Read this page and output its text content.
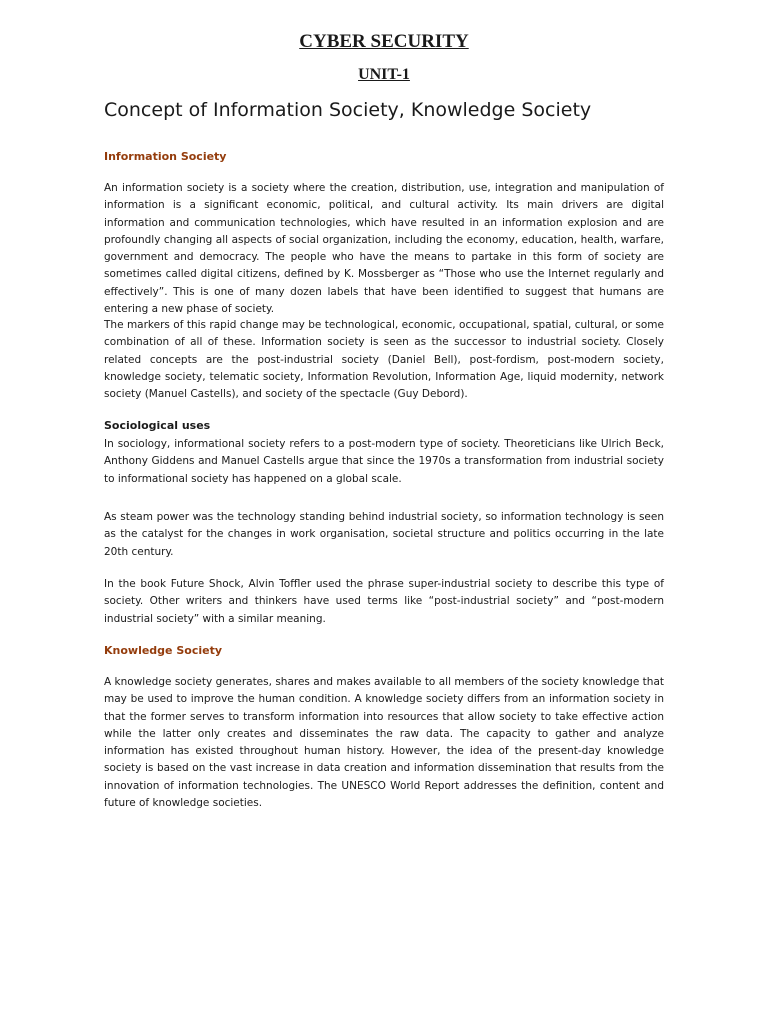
CYBER SECURITY
UNIT-1
Concept of Information Society, Knowledge Society
Information Society

An information society is a society where the creation, distribution, use, integration and manipulation of information is a significant economic, political, and cultural activity. Its main drivers are digital information and communication technologies, which have resulted in an information explosion and are profoundly changing all aspects of social organization, including the economy, education, health, warfare, government and democracy. The people who have the means to partake in this form of society are sometimes called digital citizens, defined by K. Mossberger as “Those who use the Internet regularly and effectively”. This is one of many dozen labels that have been identified to suggest that humans are entering a new phase of society.

The markers of this rapid change may be technological, economic, occupational, spatial, cultural, or some combination of all of these. Information society is seen as the successor to industrial society. Closely related concepts are the post-industrial society (Daniel Bell), post-fordism, post-modern society, knowledge society, telematic society, Information Revolution, Information Age, liquid modernity, network society (Manuel Castells), and society of the spectacle (Guy Debord).

Sociological uses

In sociology, informational society refers to a post-modern type of society. Theoreticians like Ulrich Beck, Anthony Giddens and Manuel Castells argue that since the 1970s a transformation from industrial society to informational society has happened on a global scale.

As steam power was the technology standing behind industrial society, so information technology is seen as the catalyst for the changes in work organisation, societal structure and politics occurring in the late 20th century.

In the book Future Shock, Alvin Toffler used the phrase super-industrial society to describe this type of society. Other writers and thinkers have used terms like “post-industrial society” and “post-modern industrial society” with a similar meaning.

Knowledge Society

A knowledge society generates, shares and makes available to all members of the society knowledge that may be used to improve the human condition. A knowledge society differs from an information society in that the former serves to transform information into resources that allow society to take effective action while the latter only creates and disseminates the raw data. The capacity to gather and analyze information has existed throughout human history. However, the idea of the present-day knowledge society is based on the vast increase in data creation and information dissemination that results from the innovation of information technologies. The UNESCO World Report addresses the definition, content and future of knowledge societies.
